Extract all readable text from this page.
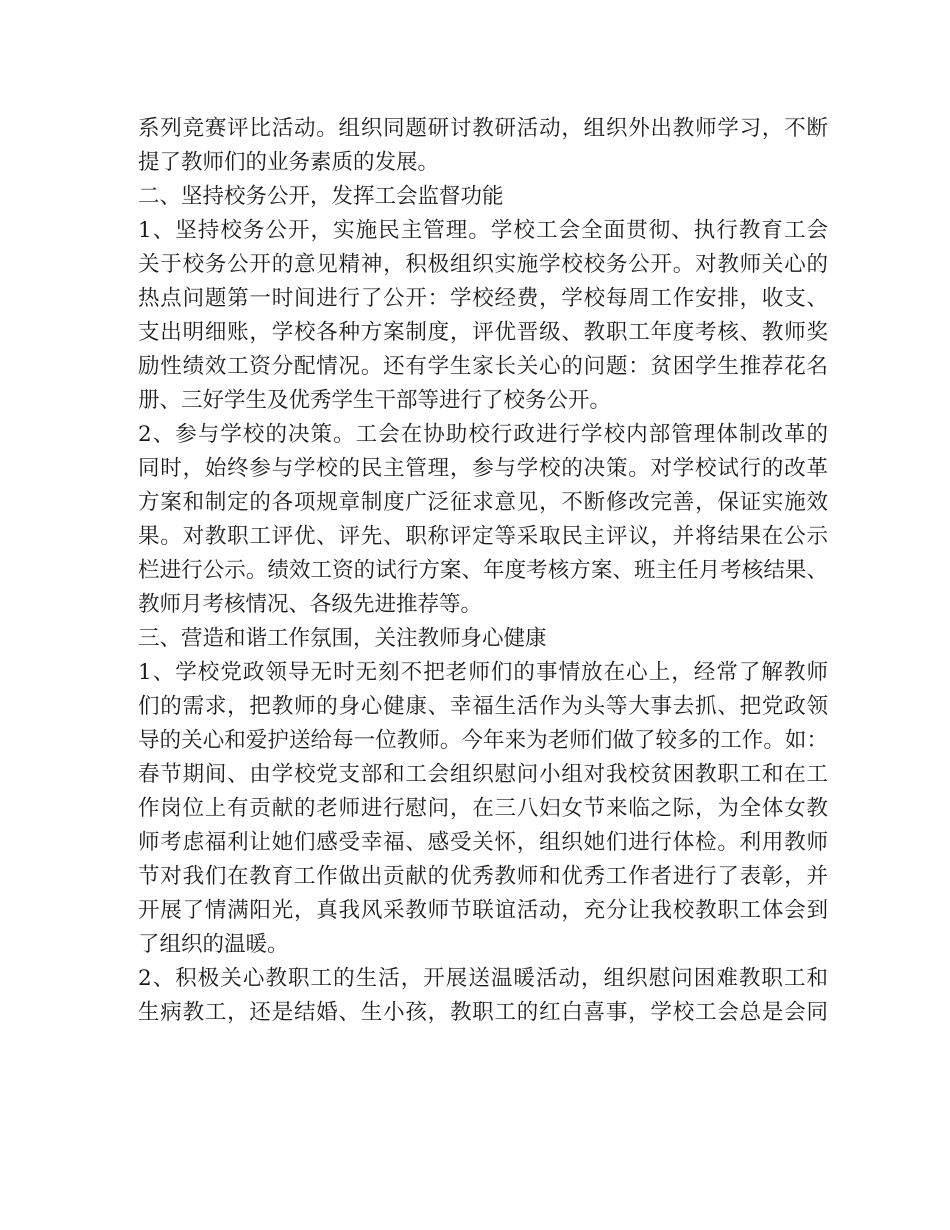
系列竞赛评比活动。组织同题研讨教研活动，组织外出教师学习，不断
提了教师们的业务素质的发展。
二、坚持校务公开，发挥工会监督功能
1、坚持校务公开，实施民主管理。学校工会全面贯彻、执行教育工会
关于校务公开的意见精神，积极组织实施学校校务公开。对教师关心的
热点问题第一时间进行了公开：学校经费，学校每周工作安排，收支、
支出明细账，学校各种方案制度，评优晋级、教职工年度考核、教师奖
励性绩效工资分配情况。还有学生家长关心的问题：贫困学生推荐花名
册、三好学生及优秀学生干部等进行了校务公开。
2、参与学校的决策。工会在协助校行政进行学校内部管理体制改革的
同时，始终参与学校的民主管理，参与学校的决策。对学校试行的改革
方案和制定的各项规章制度广泛征求意见，不断修改完善，保证实施效
果。对教职工评优、评先、职称评定等采取民主评议，并将结果在公示
栏进行公示。绩效工资的试行方案、年度考核方案、班主任月考核结果、
教师月考核情况、各级先进推荐等。
三、营造和谐工作氛围，关注教师身心健康
1、学校党政领导无时无刻不把老师们的事情放在心上，经常了解教师
们的需求，把教师的身心健康、幸福生活作为头等大事去抓、把党政领
导的关心和爱护送给每一位教师。今年来为老师们做了较多的工作。如：
春节期间、由学校党支部和工会组织慰问小组对我校贫困教职工和在工
作岗位上有贡献的老师进行慰问，在三八妇女节来临之际，为全体女教
师考虑福利让她们感受幸福、感受关怀，组织她们进行体检。利用教师
节对我们在教育工作做出贡献的优秀教师和优秀工作者进行了表彰，并
开展了情满阳光，真我风采教师节联谊活动，充分让我校教职工体会到
了组织的温暖。
2、积极关心教职工的生活，开展送温暖活动，组织慰问困难教职工和
生病教工，还是结婚、生小孩，教职工的红白喜事，学校工会总是会同
